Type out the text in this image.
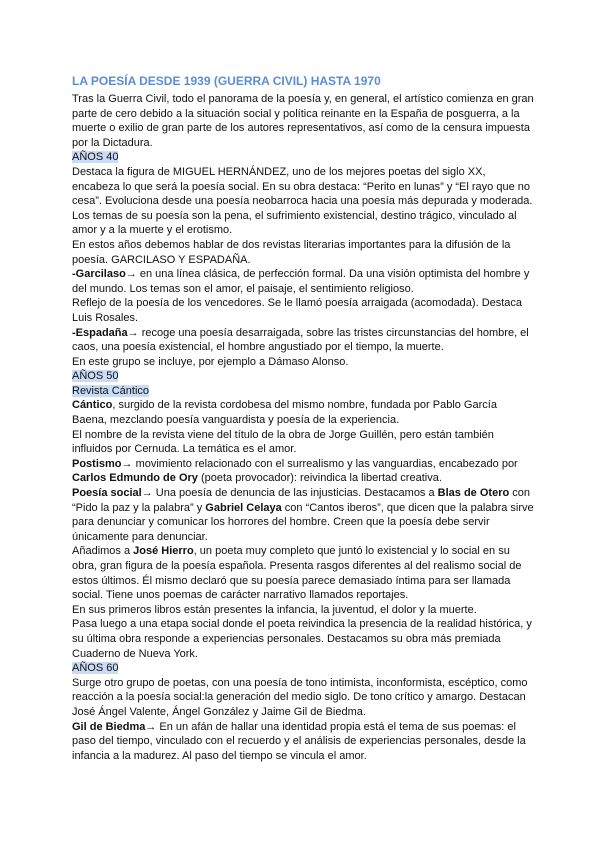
LA POESÍA DESDE 1939 (GUERRA CIVIL) HASTA 1970

Tras la Guerra Civil, todo el panorama de la poesía y, en general, el artístico comienza en gran parte de cero debido a la situación social y política reinante en la España de posguerra, a la muerte o exilio de gran parte de los autores representativos, así como de la censura impuesta por la Dictadura.

AÑOS 40

Destaca la figura de MIGUEL HERNÁNDEZ, uno de los mejores poetas del siglo XX, encabeza lo que será la poesía social. En su obra destaca: “Perito en lunas” y “El rayo que no cesa”. Evoluciona desde una poesía neobarroca hacia una poesía más depurada y moderada. Los temas de su poesía son la pena, el sufrimiento existencial, destino trágico, vinculado al amor y a la muerte y el erotismo.

En estos años debemos hablar de dos revistas literarias importantes para la difusión de la poesía. GARCILASO Y ESPADAÑA.

-Garcilaso→ en una línea clásica, de perfección formal. Da una visión optimista del hombre y del mundo. Los temas son el amor, el paisaje, el sentimiento religioso.

Reflejo de la poesía de los vencedores. Se le llamó poesía arraigada (acomodada). Destaca Luis Rosales.

-Espadaña→ recoge una poesía desarraigada, sobre las tristes circunstancias del hombre, el caos, una poesía existencial, el hombre angustiado por el tiempo, la muerte.

En este grupo se incluye, por ejemplo a Dámaso Alonso.

AÑOS 50

Revista Cántico

Cántico, surgido de la revista cordobesa del mismo nombre, fundada por Pablo García Baena, mezclando poesía vanguardista y poesía de la experiencia.

El nombre de la revista viene del título de la obra de Jorge Guillén, pero están también influidos por Cernuda. La temática es el amor.

Postismo→ movimiento relacionado con el surrealismo y las vanguardias, encabezado por Carlos Edmundo de Ory (poeta provocador): reivindica la libertad creativa.

Poesía social→ Una poesía de denuncia de las injusticias. Destacamos a Blas de Otero con “Pido la paz y la palabra” y Gabriel Celaya con “Cantos iberos”, que dicen que la palabra sirve para denunciar y comunicar los horrores del hombre. Creen que la poesía debe servir únicamente para denunciar.

Añadimos a José Hierro, un poeta muy completo que juntó lo existencial y lo social en su obra, gran figura de la poesía española. Presenta rasgos diferentes al del realismo social de estos últimos. Él mismo declaró que su poesía parece demasiado íntima para ser llamada social. Tiene unos poemas de carácter narrativo llamados reportajes.

En sus primeros libros están presentes la infancia, la juventud, el dolor y la muerte.

Pasa luego a una etapa social donde el poeta reivindica la presencia de la realidad histórica, y su última obra responde a experiencias personales. Destacamos su obra más premiada Cuaderno de Nueva York.

AÑOS 60

Surge otro grupo de poetas, con una poesía de tono intimista, inconformista, escéptico, como reacción a la poesía social:la generación del medio siglo. De tono crítico y amargo. Destacan José Ángel Valente, Ángel González y Jaime Gil de Biedma.

Gil de Biedma→ En un afán de hallar una identidad propia está el tema de sus poemas: el paso del tiempo, vinculado con el recuerdo y el análisis de experiencias personales, desde la infancia a la madurez. Al paso del tiempo se vincula el amor.
